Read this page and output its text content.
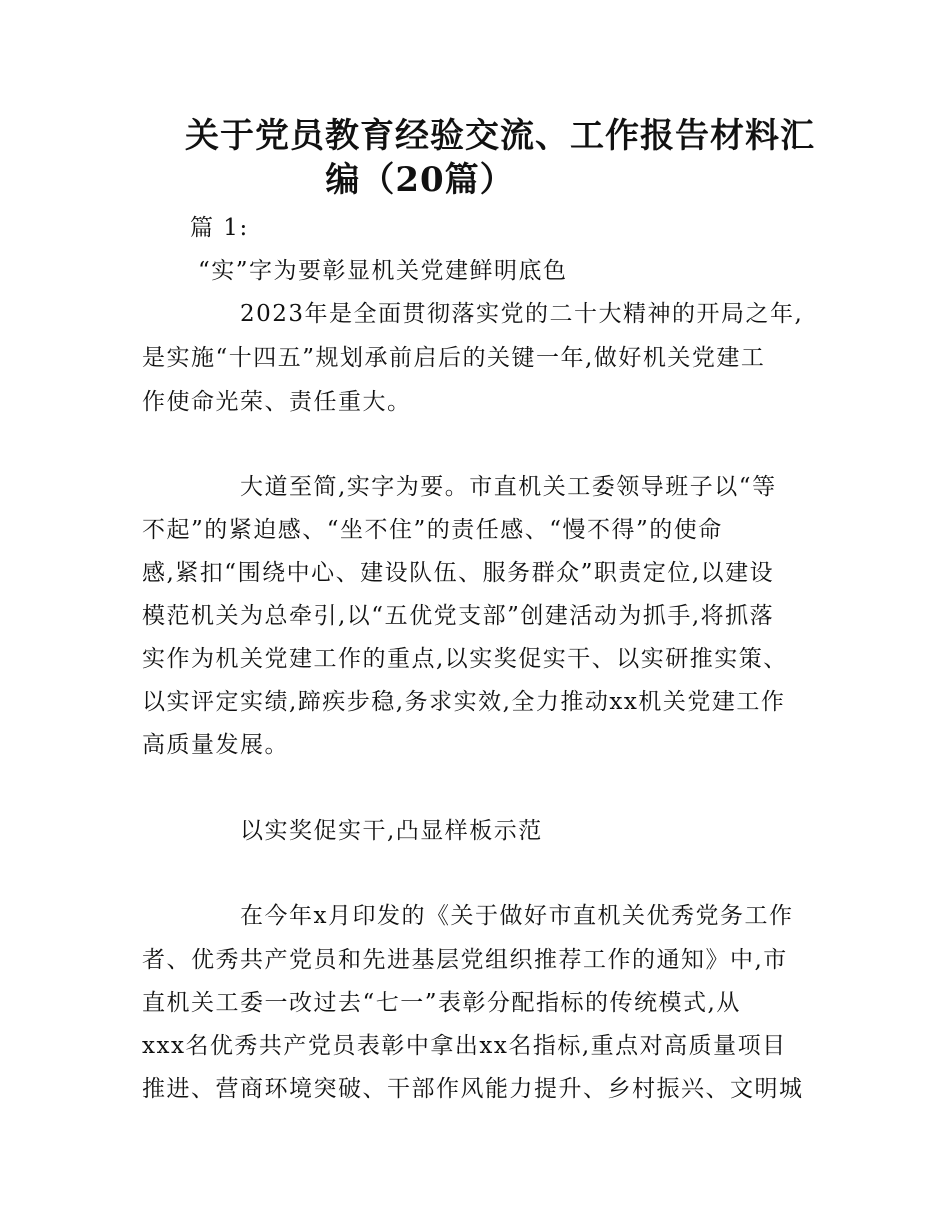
关于党员教育经验交流、工作报告材料汇
编（20篇）
篇 1:
“实”字为要彰显机关党建鲜明底色
2023年是全面贯彻落实党的二十大精神的开局之年,
是实施“十四五”规划承前启后的关键一年,做好机关党建工
作使命光荣、责任重大。
大道至简,实字为要。市直机关工委领导班子以“等
不起”的紧迫感、“坐不住”的责任感、“慢不得”的使命
感,紧扣“围绕中心、建设队伍、服务群众”职责定位,以建设
模范机关为总牵引,以“五优党支部”创建活动为抓手,将抓落
实作为机关党建工作的重点,以实奖促实干、以实研推实策、
以实评定实绩,蹄疾步稳,务求实效,全力推动xx机关党建工作
高质量发展。
以实奖促实干,凸显样板示范
在今年x月印发的《关于做好市直机关优秀党务工作
者、优秀共产党员和先进基层党组织推荐工作的通知》中,市
直机关工委一改过去“七一”表彰分配指标的传统模式,从
xxx名优秀共产党员表彰中拿出xx名指标,重点对高质量项目
推进、营商环境突破、干部作风能力提升、乡村振兴、文明城
